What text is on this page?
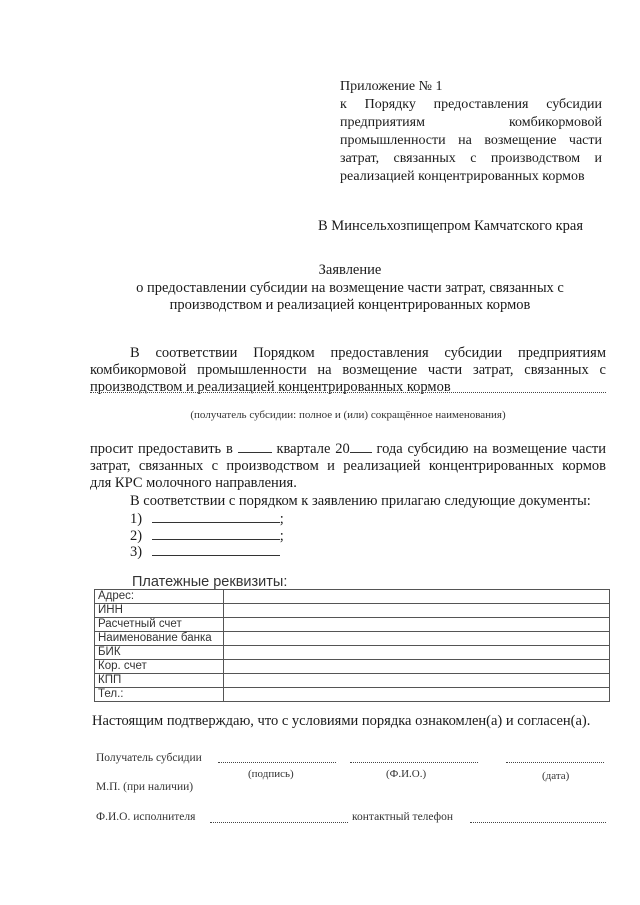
Приложение № 1
к Порядку предоставления субсидии
предприятиям комбикормовой
промышленности на возмещение части
затрат, связанных с производством и
реализацией концентрированных кормов
В Минсельхозпищепром Камчатского края
Заявление
о предоставлении субсидии на возмещение части затрат, связанных с
производством и реализацией концентрированных кормов
В соответствии Порядком предоставления субсидии предприятиям
комбикормовой промышленности на возмещение части затрат, связанных с
производством и реализацией концентрированных кормов
(получатель субсидии: полное и (или) сокращённое наименования)
просит предоставить в	квартале 20 года субсидию на возмещение части
затрат, связанных с производством и реализацией концентрированных кормов
для КРС молочного направления.
В соответствии с порядком к заявлению прилагаю следующие документы:
1)	;
2)	;
3)
Платежные реквизиты:
Адрес:	
ИНН	
Расчетный счет	
Наименование банка	
БИК	
Кор. счет	
КПП	
Тел.:	
Настоящим подтверждаю, что с условиями порядка ознакомлен(а) и согласен(а).
Получатель субсидии
(подпись)	(Ф.И.О.)	(дата)
М.П. (при наличии)
Ф.И.О. исполнителя	контактный телефон
